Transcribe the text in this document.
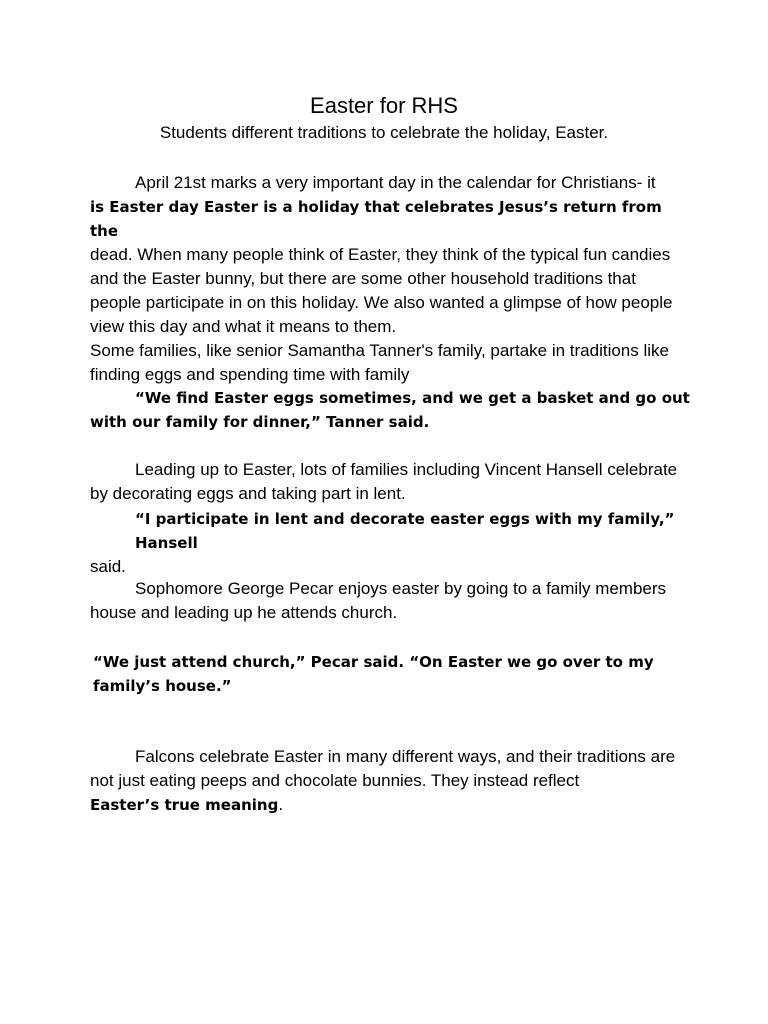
Easter for RHS

Students different traditions to celebrate the holiday, Easter.

April 21st marks a very important day in the calendar for Christians- it
is Easter day Easter is a holiday that celebrates Jesus’s return from the
dead. When many people think of Easter, they think of the typical fun candies and the Easter bunny, but there are some other household traditions that people participate in on this holiday. We also wanted a glimpse of how people view this day and what it means to them.
Some families, like senior Samantha Tanner's family, partake in traditions like finding eggs and spending time with family
“We find Easter eggs sometimes, and we get a basket and go out with our family for dinner,” Tanner said.
Leading up to Easter, lots of families including Vincent Hansell celebrate by decorating eggs and taking part in lent.
“I participate in lent and decorate easter eggs with my family,” Hansell
said.
Sophomore George Pecar enjoys easter by going to a family members house and leading up he attends church.
“We just attend church,” Pecar said. “On Easter we go over to my family’s house.”
Falcons celebrate Easter in many different ways, and their traditions are not just eating peeps and chocolate bunnies. They instead reflect
Easter’s true meaning.
